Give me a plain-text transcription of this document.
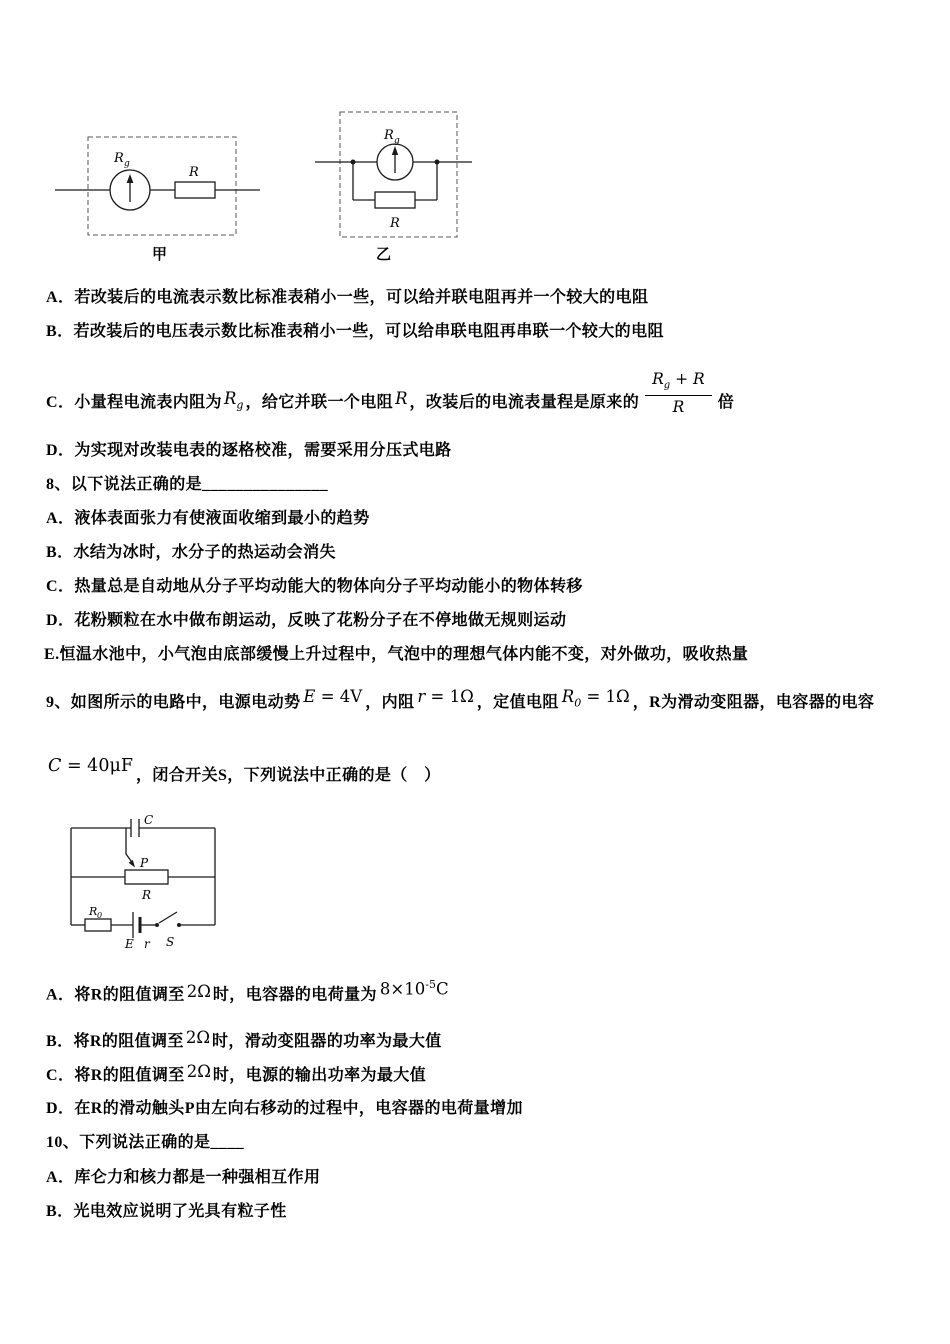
R g
R
甲
R g
R
乙
A．若改装后的电流表示数比标准表稍小一些，可以给并联电阻再并一个较大的电阻
B．若改装后的电压表示数比标准表稍小一些，可以给串联电阻再串联一个较大的电阻
C．小量程电流表内阻为 $R_g$ ，给它并联一个电阻 R ，改装后的电流表量程是原来的 $\frac{R_g + R}{R}$ 倍
D．为实现对改装电表的逐格校准，需要采用分压式电路
8、以下说法正确的是_______________
A．液体表面张力有使液面收缩到最小的趋势
B．水结为冰时，水分子的热运动会消失
C．热量总是自动地从分子平均动能大的物体向分子平均动能小的物体转移
D．花粉颗粒在水中做布朗运动，反映了花粉分子在不停地做无规则运动
E.恒温水池中，小气泡由底部缓慢上升过程中，气泡中的理想气体内能不变，对外做功，吸收热量
9、如图所示的电路中，电源电动势 E = 4V ，内阻 r = 1Ω ，定值电阻 $R_0 = 1\Omega$ ，R为滑动变阻器，电容器的电容
C = 40μF ，闭合开关S，下列说法中正确的是（　）
C
P
R
R 0
E r S
A．将R的阻值调至 2Ω 时，电容器的电荷量为 $8\times 10^{-5}C$
B．将R的阻值调至 2Ω 时，滑动变阻器的功率为最大值
C．将R的阻值调至 2Ω 时，电源的输出功率为最大值
D．在R的滑动触头P由左向右移动的过程中，电容器的电荷量增加
10、下列说法正确的是____
A．库仑力和核力都是一种强相互作用
B．光电效应说明了光具有粒子性
